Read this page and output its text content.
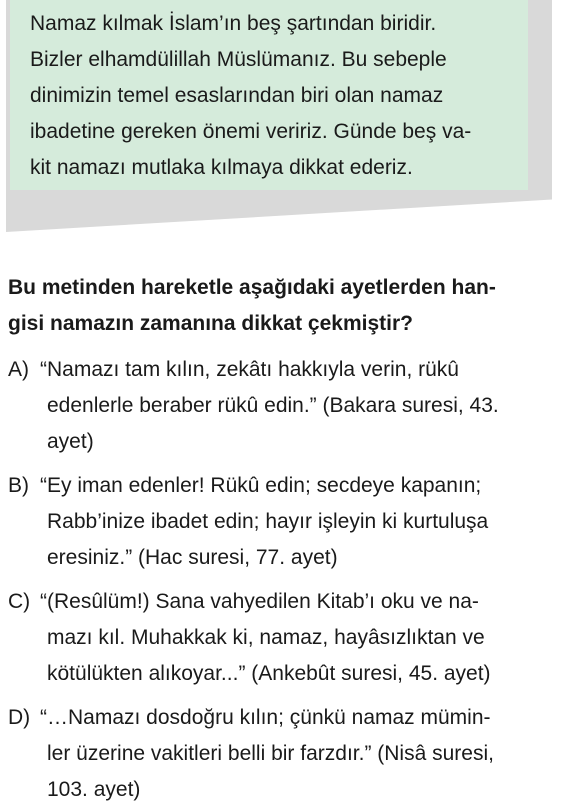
Namaz kılmak İslam’ın beş şartından biridir.
Bizler elhamdülillah Müslümanız. Bu sebeple
dinimizin temel esaslarından biri olan namaz
ibadetine gereken önemi veririz. Günde beş va-
kit namazı mutlaka kılmaya dikkat ederiz.
Bu metinden hareketle aşağıdaki ayetlerden han-
gisi namazın zamanına dikkat çekmiştir?
A) “Namazı tam kılın, zekâtı hakkıyla verin, rükû
edenlerle beraber rükû edin.” (Bakara suresi, 43.
ayet)
B) “Ey iman edenler! Rükû edin; secdeye kapanın;
Rabb’inize ibadet edin; hayır işleyin ki kurtuluşa
eresiniz.” (Hac suresi, 77. ayet)
C) “(Resûlüm!) Sana vahyedilen Kitab’ı oku ve na-
mazı kıl. Muhakkak ki, namaz, hayâsızlıktan ve
kötülükten alıkoyar...” (Ankebût suresi, 45. ayet)
D) “…Namazı dosdoğru kılın; çünkü namaz mümin-
ler üzerine vakitleri belli bir farzdır.” (Nisâ suresi,
103. ayet)
